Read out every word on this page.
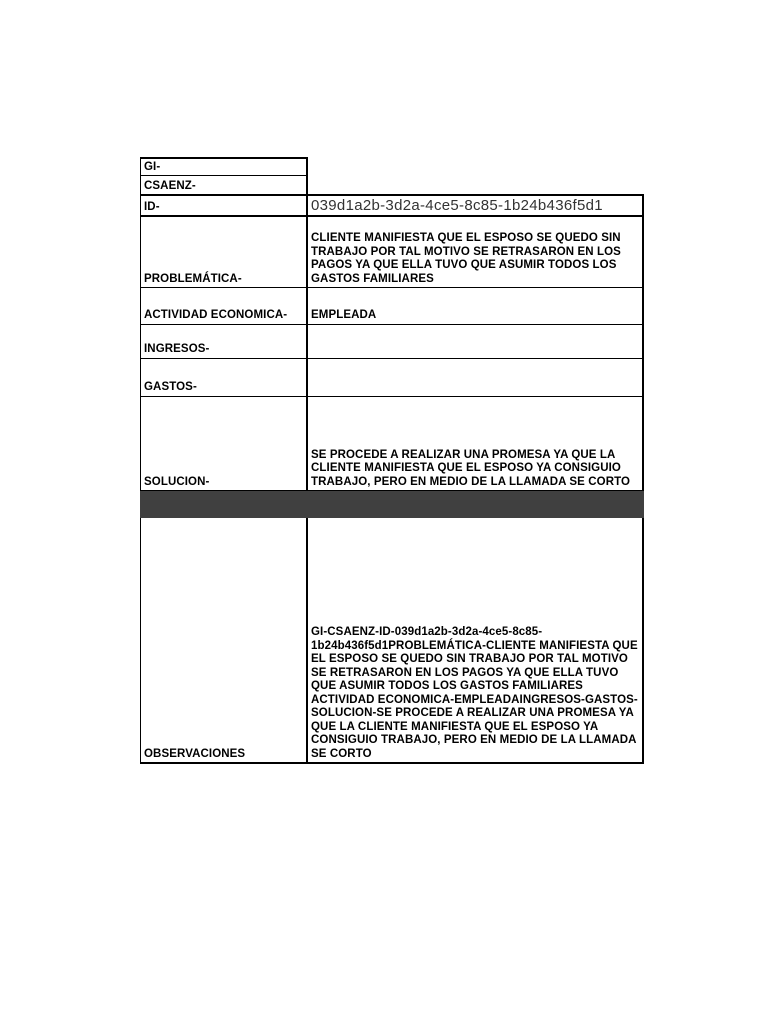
GI-
CSAENZ-
ID-	039d1a2b-3d2a-4ce5-8c85-1b24b436f5d1
PROBLEMÁTICA-
CLIENTE MANIFIESTA QUE EL ESPOSO SE QUEDO SIN TRABAJO POR TAL MOTIVO SE RETRASARON EN LOS PAGOS YA QUE ELLA TUVO QUE ASUMIR TODOS LOS GASTOS FAMILIARES
ACTIVIDAD ECONOMICA-	EMPLEADA
INGRESOS-
GASTOS-
SOLUCION-
SE PROCEDE A REALIZAR UNA PROMESA YA QUE LA CLIENTE MANIFIESTA QUE EL ESPOSO YA CONSIGUIO TRABAJO, PERO EN MEDIO DE LA LLAMADA SE CORTO
OBSERVACIONES
GI-CSAENZ-ID-039d1a2b-3d2a-4ce5-8c85-1b24b436f5d1PROBLEMÁTICA-CLIENTE MANIFIESTA QUE EL ESPOSO SE QUEDO SIN TRABAJO POR TAL MOTIVO SE RETRASARON EN LOS PAGOS YA QUE ELLA TUVO QUE ASUMIR TODOS LOS GASTOS FAMILIARES ACTIVIDAD ECONOMICA-EMPLEADAINGRESOS-GASTOS-SOLUCION-SE PROCEDE A REALIZAR UNA PROMESA YA QUE LA CLIENTE MANIFIESTA QUE EL ESPOSO YA CONSIGUIO TRABAJO, PERO EN MEDIO DE LA LLAMADA SE CORTO
